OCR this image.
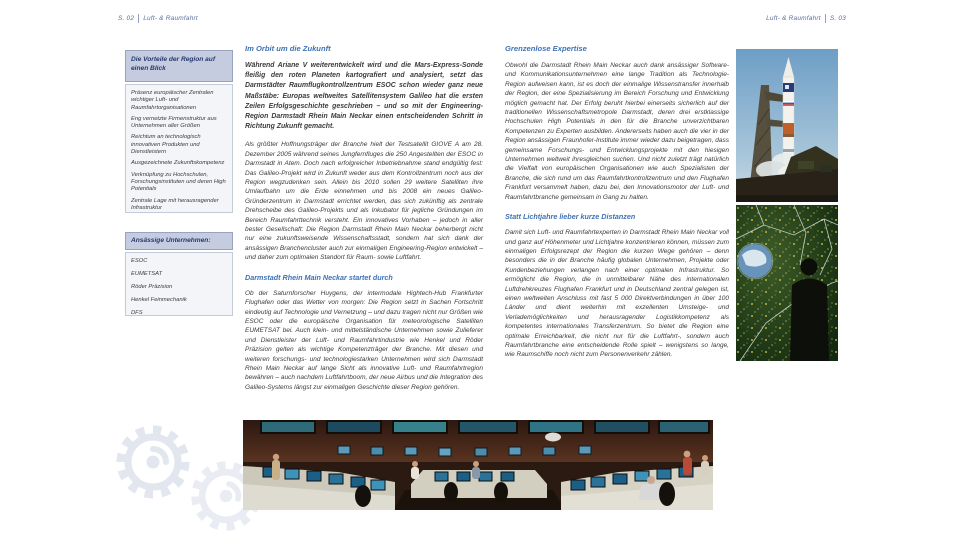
S. 02 Luft- & Raumfahrt	Luft- & Raumfahrt S. 03
Die Vorteile der Region auf einen Blick
Präsenz europäischer Zentralen wichtiger Luft- und Raumfahrtorganisationen
Eng vernetzte Firmenstruktur aus Unternehmen aller Größen
Reichtum an technologisch innovativen Produkten und Dienstleistern
Ausgezeichnete Zukunftskompetenz
Verknüpfung zu Hochschulen, Forschungsinstituten und deren High Potentials
Zentrale Lage mit herausragender Infrastruktur
Ansässige Unternehmen:
ESOC
EUMETSAT
Röder Präzision
Henkel Feinmechanik
DFS
Im Orbit um die Zukunft

Während Ariane V weiterentwickelt wird und die Mars-Express-Sonde fleißig den roten Planeten kartografiert und analysiert, setzt das Darmstädter Raumflugkontrollzentrum ESOC schon wieder ganz neue Maßstäbe: Europas weltweites Satellitensystem Galileo hat die ersten Zeilen Erfolgsgeschichte geschrieben – und so mit der Engineering-Region Darmstadt Rhein Main Neckar einen entscheidenden Schritt in Richtung Zukunft gemacht.

Als größter Hoffnungsträger der Branche hielt der Testsatellit GIOVE A am 28. Dezember 2005 während seines Jungfernfluges die 250 Angestellten der ESOC in Darmstadt in Atem. Doch nach erfolgreicher Inbetriebnahme stand endgültig fest: Das Galileo-Projekt wird in Zukunft weder aus dem Kontrollzentrum noch aus der Region wegzudenken sein. Allein bis 2010 sollen 29 weitere Satelliten ihre Umlaufbahn um die Erde einnehmen und bis 2008 ein neues Galileo-Gründerzentrum in Darmstadt errichtet werden, das sich zukünftig als zentrale Drehscheibe des Galileo-Projekts und als Inkubator für jegliche Gründungen im Bereich Raumfahrttechnik versteht. Ein innovatives Vorhaben – jedoch in aller bester Gesellschaft: Die Region Darmstadt Rhein Main Neckar beherbergt nicht nur eine zukunftsweisende Wissenschaftsstadt, sondern hat sich dank der ansässigen Branchencluster auch zur einmaligen Engineering-Region entwickelt – und daher zum optimalen Standort für Raum- sowie Luftfahrt.

Darmstadt Rhein Main Neckar startet durch

Ob der Saturnforscher Huygens, der intermodale Hightech-Hub Frankfurter Flughafen oder das Wetter von morgen: Die Region setzt in Sachen Fortschritt eindeutig auf Technologie und Vernetzung – und dazu tragen nicht nur Größen wie ESOC oder die europäische Organisation für meteorologische Satelliten EUMETSAT bei. Auch klein- und mittelständische Unternehmen sowie Zulieferer und Dienstleister der Luft- und Raumfahrtindustrie wie Henkel und Röder Präzision gelten als wichtige Kompetenzträger der Branche. Mit diesen und weiteren forschungs- und technologiestarken Unternehmen wird sich Darmstadt Rhein Main Neckar auf lange Sicht als innovative Luft- und Raumfahrtregion bewähren – auch nachdem Luftfahrtboom, der neue Airbus und die Integration des Galileo-Systems längst zur einmaligen Geschichte dieser Region gehören.

Grenzenlose Expertise

Obwohl die Darmstadt Rhein Main Neckar auch dank ansässiger Software- und Kommunikationsunternehmen eine lange Tradition als Technologie-Region aufweisen kann, ist es doch der einmalige Wissenstransfer innerhalb der Region, der eine Spezialisierung im Bereich Forschung und Entwicklung möglich gemacht hat. Der Erfolg beruht hierbei einerseits sicherlich auf der traditionellen Wissenschaftsmetropole Darmstadt, deren drei erstklassige Hochschulen High Potentials in den für die Branche unverzichtbaren Kompetenzen zu Experten ausbilden. Andererseits haben auch die vier in der Region ansässigen Fraunhofer-Institute immer wieder dazu beigetragen, dass gemeinsame Forschungs- und Entwicklungsprojekte mit den hiesigen Unternehmen weltweit ihresgleichen suchen. Und nicht zuletzt trägt natürlich die Vielfalt von europäischen Organisationen wie auch Spezialisten der Branche, die sich rund um das Raumfahrtkontrollzentrum und den Flughafen Frankfurt versammelt haben, dazu bei, den Innovationsmotor der Luft- und Raumfahrtbranche gemeinsam in Gang zu halten.

Statt Lichtjahre lieber kurze Distanzen

Damit sich Luft- und Raumfahrtexperten in Darmstadt Rhein Main Neckar voll und ganz auf Höhenmeter und Lichtjahre konzentrieren können, müssen zum einmaligen Erfolgsrezept der Region die kurzen Wege gehören – denn besonders die in der Branche häufig globalen Unternehmen, Projekte oder Kundenbeziehungen verlangen nach einer optimalen Infrastruktur. So ermöglicht die Region, die in unmittelbarer Nähe des internationalen Luftdrehkreuzes Flughafen Frankfurt und in Deutschland zentral gelegen ist, einen weltweiten Anschluss mit fast 5 000 Direktverbindungen in über 100 Länder und dient weiterhin mit exzellenten Umsteige- und Verlademöglichkeiten und herausragender Logistikkompetenz als kompetentes internationales Transferzentrum. So bietet die Region eine optimale Erreichbarkeit, die nicht nur für die Luftfahrt-, sondern auch Raumfahrtbranche eine entscheidende Rolle spielt – wenigstens so lange, wie Raumschiffe noch nicht zum Personenverkehr zählen.
